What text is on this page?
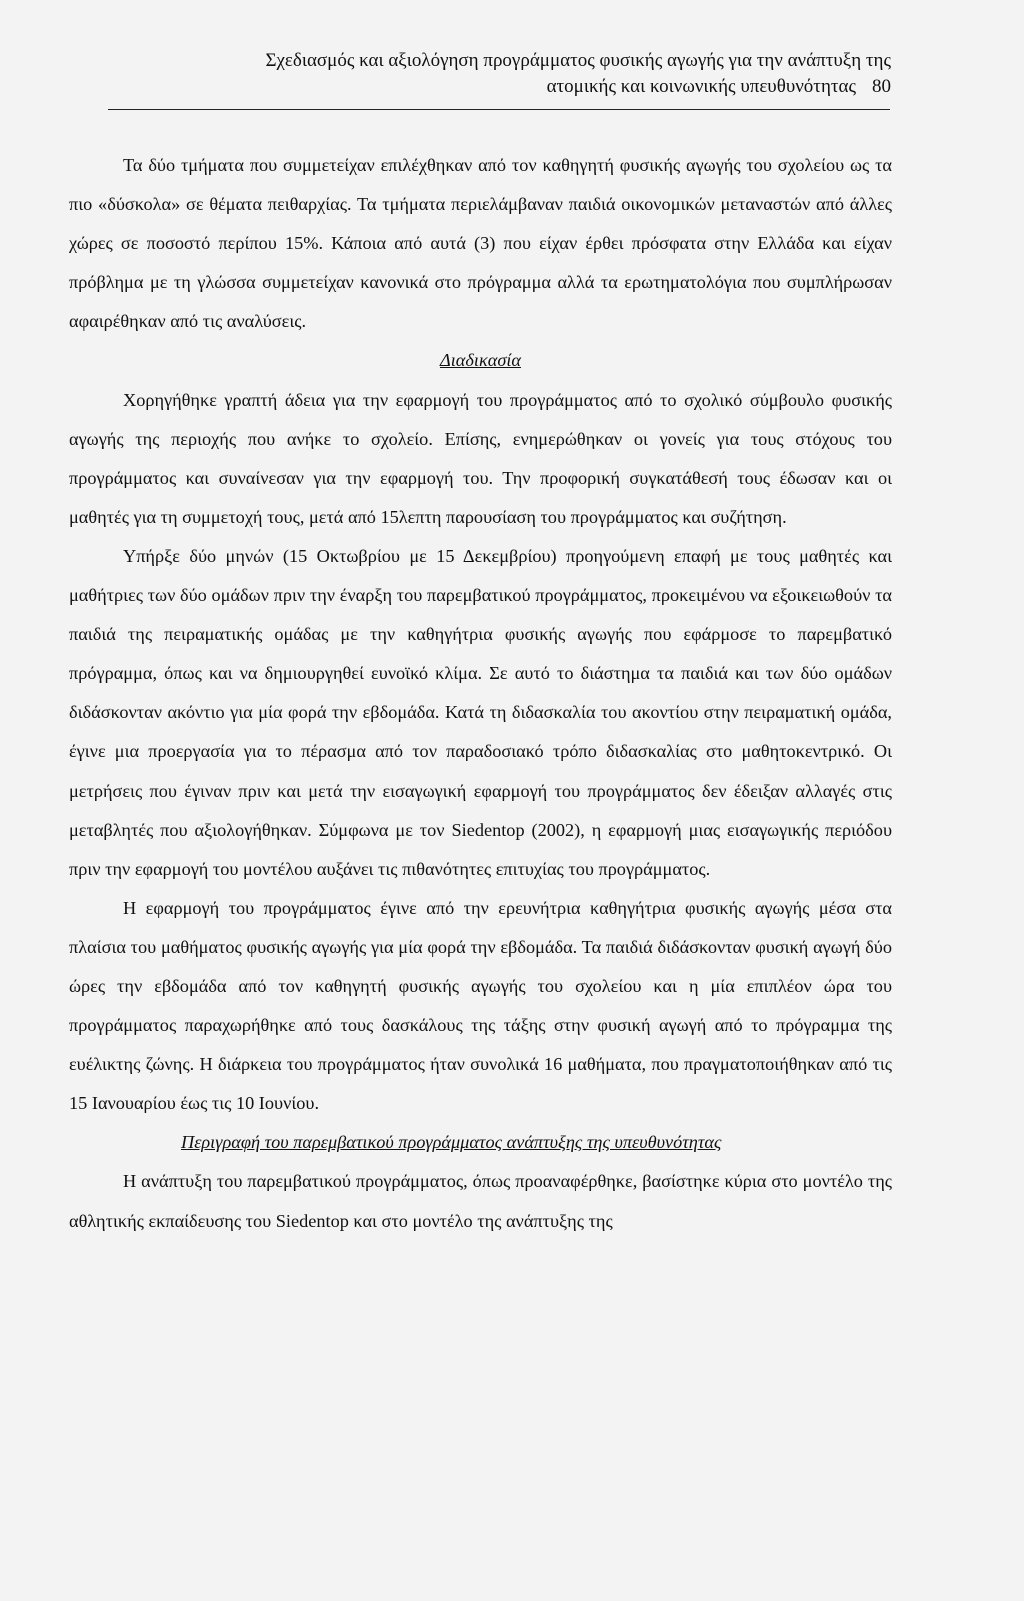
Σχεδιασμός και αξιολόγηση προγράμματος φυσικής αγωγής για την ανάπτυξη της
ατομικής και κοινωνικής υπευθυνότητας 80

Τα δύο τμήματα που συμμετείχαν επιλέχθηκαν από τον καθηγητή φυσικής αγωγής του σχολείου ως τα πιο «δύσκολα» σε θέματα πειθαρχίας. Τα τμήματα περιελάμβαναν παιδιά οικονομικών μεταναστών από άλλες χώρες σε ποσοστό περίπου 15%. Κάποια από αυτά (3) που είχαν έρθει πρόσφατα στην Ελλάδα και είχαν πρόβλημα με τη γλώσσα συμμετείχαν κανονικά στο πρόγραμμα αλλά τα ερωτηματολόγια που συμπλήρωσαν αφαιρέθηκαν από τις αναλύσεις.

Διαδικασία

Χορηγήθηκε γραπτή άδεια για την εφαρμογή του προγράμματος από το σχολικό σύμβουλο φυσικής αγωγής της περιοχής που ανήκε το σχολείο. Επίσης, ενημερώθηκαν οι γονείς για τους στόχους του προγράμματος και συναίνεσαν για την εφαρμογή του. Την προφορική συγκατάθεσή τους έδωσαν και οι μαθητές για τη συμμετοχή τους, μετά από 15λεπτη παρουσίαση του προγράμματος και συζήτηση.

Υπήρξε δύο μηνών (15 Οκτωβρίου με 15 Δεκεμβρίου) προηγούμενη επαφή με τους μαθητές και μαθήτριες των δύο ομάδων πριν την έναρξη του παρεμβατικού προγράμματος, προκειμένου να εξοικειωθούν τα παιδιά της πειραματικής ομάδας με την καθηγήτρια φυσικής αγωγής που εφάρμοσε το παρεμβατικό πρόγραμμα, όπως και να δημιουργηθεί ευνοϊκό κλίμα. Σε αυτό το διάστημα τα παιδιά και των δύο ομάδων διδάσκονταν ακόντιο για μία φορά την εβδομάδα. Κατά τη διδασκαλία του ακοντίου στην πειραματική ομάδα, έγινε μια προεργασία για το πέρασμα από τον παραδοσιακό τρόπο διδασκαλίας στο μαθητοκεντρικό. Οι μετρήσεις που έγιναν πριν και μετά την εισαγωγική εφαρμογή του προγράμματος δεν έδειξαν αλλαγές στις μεταβλητές που αξιολογήθηκαν. Σύμφωνα με τον Siedentop (2002), η εφαρμογή μιας εισαγωγικής περιόδου πριν την εφαρμογή του μοντέλου αυξάνει τις πιθανότητες επιτυχίας του προγράμματος.

Η εφαρμογή του προγράμματος έγινε από την ερευνήτρια καθηγήτρια φυσικής αγωγής μέσα στα πλαίσια του μαθήματος φυσικής αγωγής για μία φορά την εβδομάδα. Τα παιδιά διδάσκονταν φυσική αγωγή δύο ώρες την εβδομάδα από τον καθηγητή φυσικής αγωγής του σχολείου και η μία επιπλέον ώρα του προγράμματος παραχωρήθηκε από τους δασκάλους της τάξης στην φυσική αγωγή από το πρόγραμμα της ευέλικτης ζώνης. Η διάρκεια του προγράμματος ήταν συνολικά 16 μαθήματα, που πραγματοποιήθηκαν από τις 15 Ιανουαρίου έως τις 10 Ιουνίου.

Περιγραφή του παρεμβατικού προγράμματος ανάπτυξης της υπευθυνότητας

Η ανάπτυξη του παρεμβατικού προγράμματος, όπως προαναφέρθηκε, βασίστηκε κύρια στο μοντέλο της αθλητικής εκπαίδευσης του Siedentop και στο μοντέλο της ανάπτυξης της
